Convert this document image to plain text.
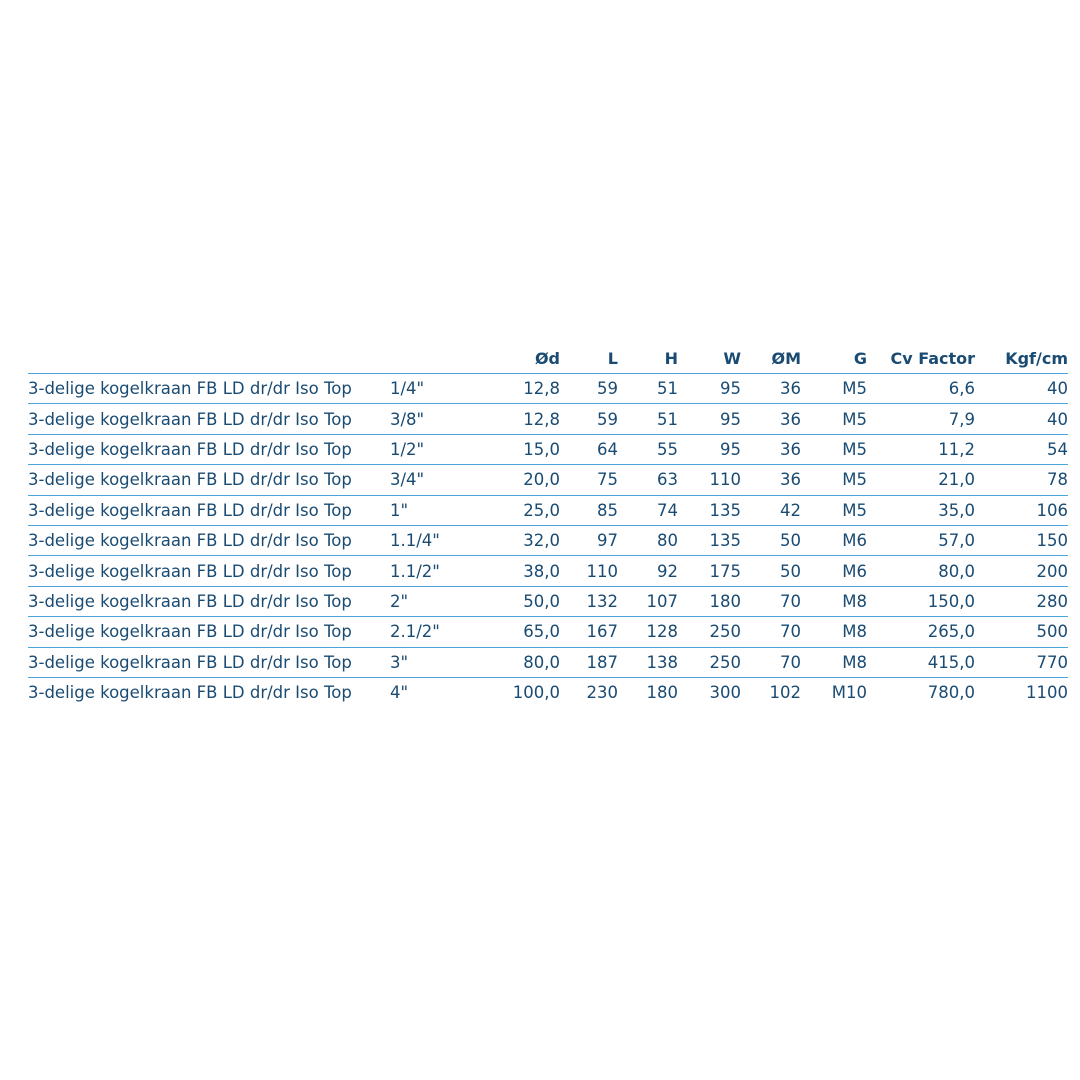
		Ød	L	H	W	ØM	G	Cv Factor	Kgf/cm
3-delige kogelkraan FB LD dr/dr Iso Top	1/4"	12,8	59	51	95	36	M5	6,6	40
3-delige kogelkraan FB LD dr/dr Iso Top	3/8"	12,8	59	51	95	36	M5	7,9	40
3-delige kogelkraan FB LD dr/dr Iso Top	1/2"	15,0	64	55	95	36	M5	11,2	54
3-delige kogelkraan FB LD dr/dr Iso Top	3/4"	20,0	75	63	110	36	M5	21,0	78
3-delige kogelkraan FB LD dr/dr Iso Top	1"	25,0	85	74	135	42	M5	35,0	106
3-delige kogelkraan FB LD dr/dr Iso Top	1.1/4"	32,0	97	80	135	50	M6	57,0	150
3-delige kogelkraan FB LD dr/dr Iso Top	1.1/2"	38,0	110	92	175	50	M6	80,0	200
3-delige kogelkraan FB LD dr/dr Iso Top	2"	50,0	132	107	180	70	M8	150,0	280
3-delige kogelkraan FB LD dr/dr Iso Top	2.1/2"	65,0	167	128	250	70	M8	265,0	500
3-delige kogelkraan FB LD dr/dr Iso Top	3"	80,0	187	138	250	70	M8	415,0	770
3-delige kogelkraan FB LD dr/dr Iso Top	4"	100,0	230	180	300	102	M10	780,0	1100
